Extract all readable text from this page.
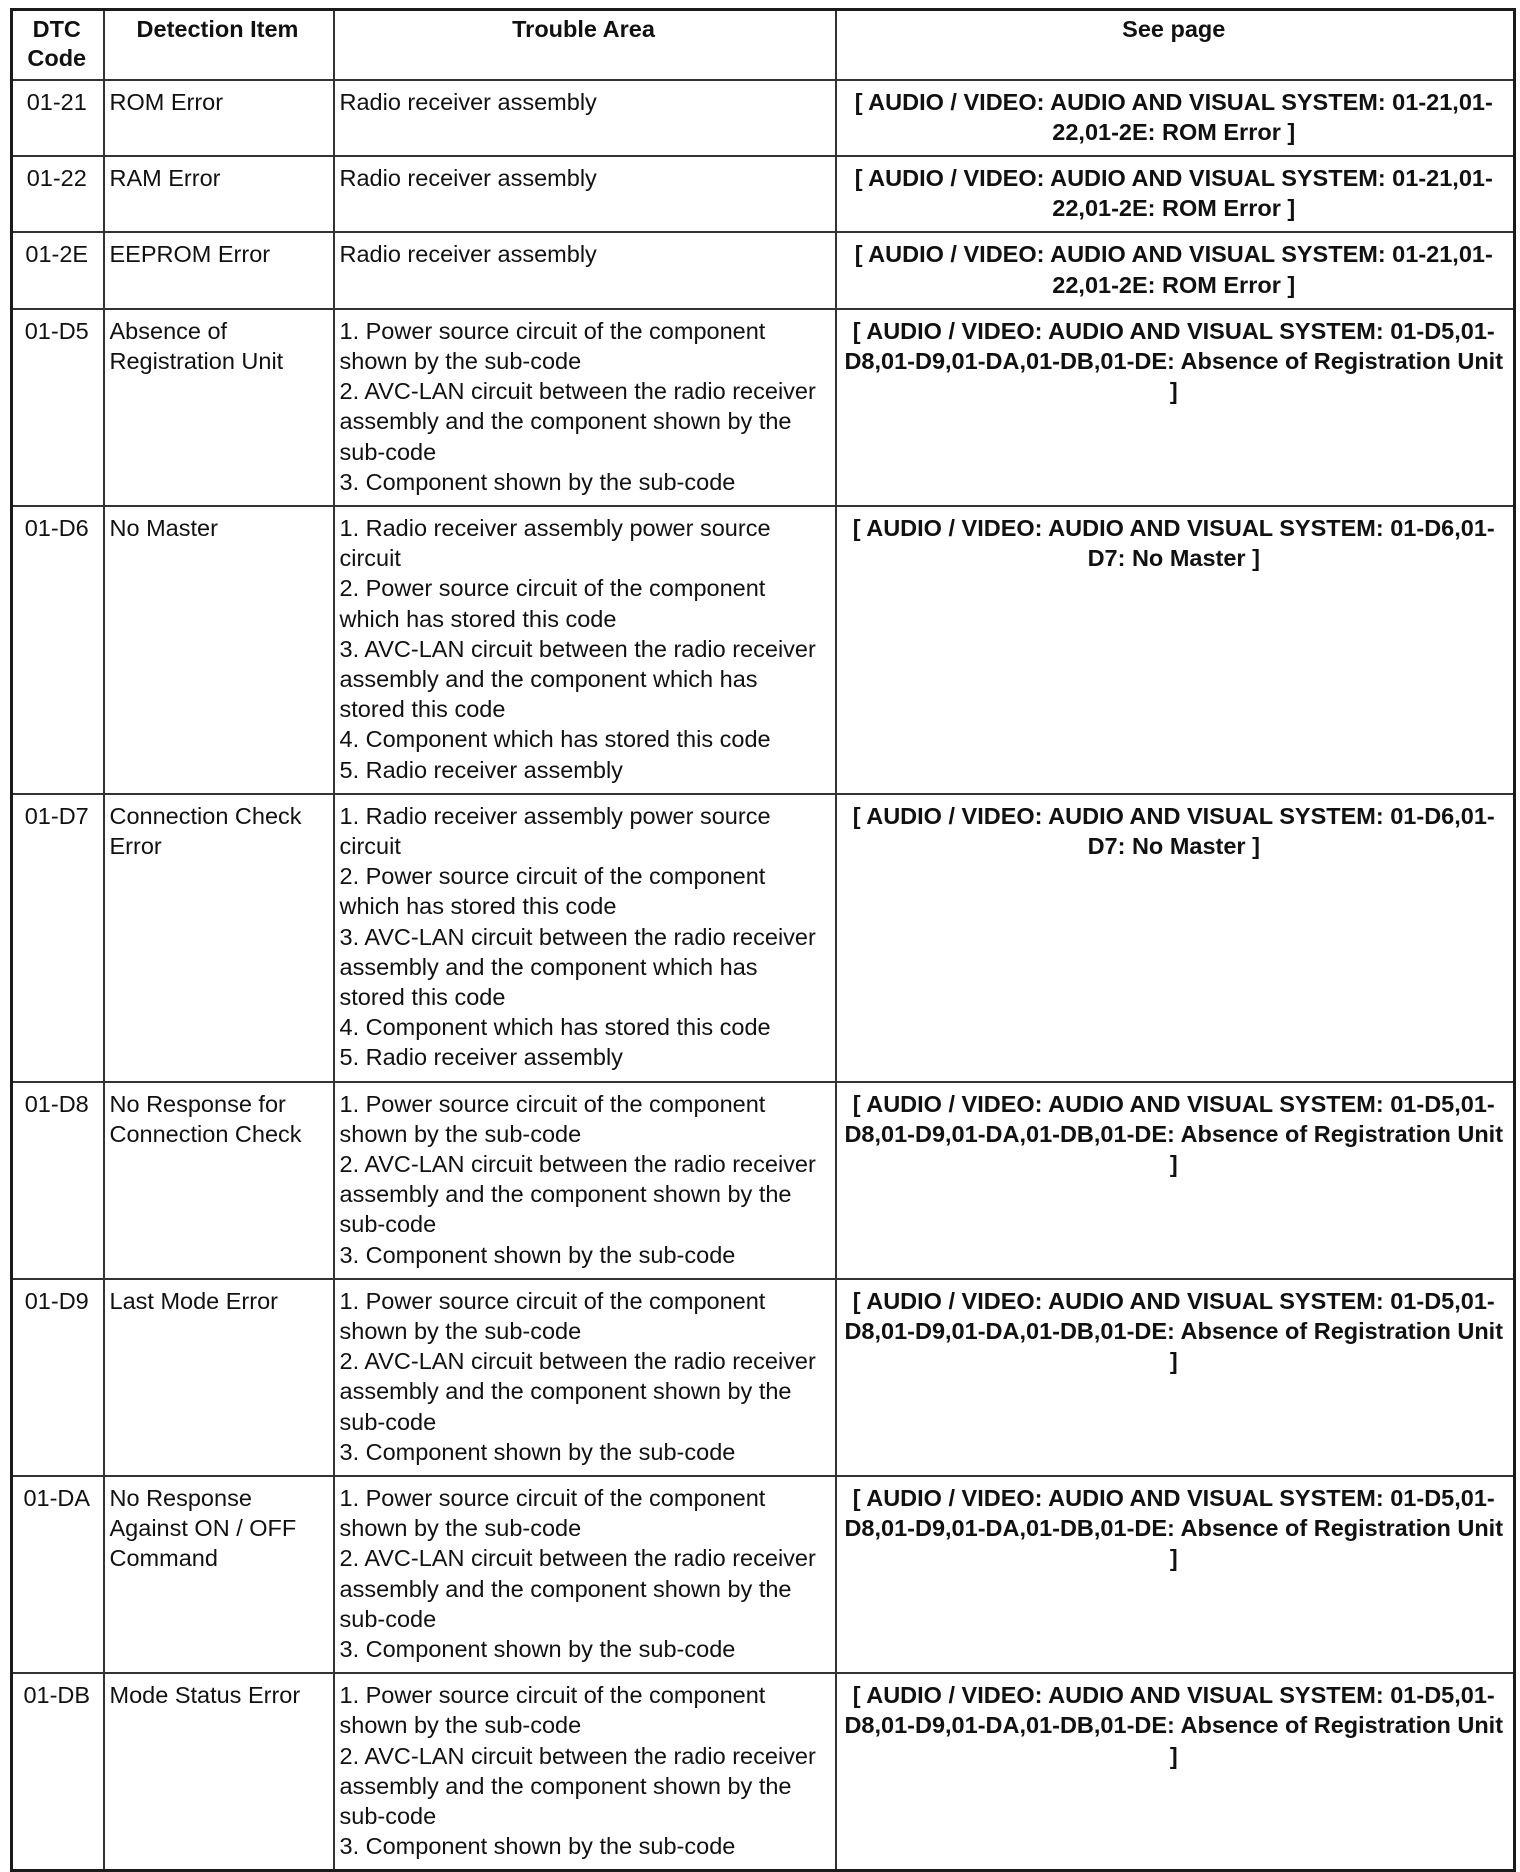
DTC Code	Detection Item	Trouble Area	See page
01-21	ROM Error	Radio receiver assembly	[ AUDIO / VIDEO: AUDIO AND VISUAL SYSTEM: 01-21,01-22,01-2E: ROM Error ]
01-22	RAM Error	Radio receiver assembly	[ AUDIO / VIDEO: AUDIO AND VISUAL SYSTEM: 01-21,01-22,01-2E: ROM Error ]
01-2E	EEPROM Error	Radio receiver assembly	[ AUDIO / VIDEO: AUDIO AND VISUAL SYSTEM: 01-21,01-22,01-2E: ROM Error ]
01-D5	Absence of Registration Unit	1. Power source circuit of the component shown by the sub-code
2. AVC-LAN circuit between the radio receiver assembly and the component shown by the sub-code
3. Component shown by the sub-code	[ AUDIO / VIDEO: AUDIO AND VISUAL SYSTEM: 01-D5,01-D8,01-D9,01-DA,01-DB,01-DE: Absence of Registration Unit ]
01-D6	No Master	1. Radio receiver assembly power source circuit
2. Power source circuit of the component which has stored this code
3. AVC-LAN circuit between the radio receiver assembly and the component which has stored this code
4. Component which has stored this code
5. Radio receiver assembly	[ AUDIO / VIDEO: AUDIO AND VISUAL SYSTEM: 01-D6,01-D7: No Master ]
01-D7	Connection Check Error	1. Radio receiver assembly power source circuit
2. Power source circuit of the component which has stored this code
3. AVC-LAN circuit between the radio receiver assembly and the component which has stored this code
4. Component which has stored this code
5. Radio receiver assembly	[ AUDIO / VIDEO: AUDIO AND VISUAL SYSTEM: 01-D6,01-D7: No Master ]
01-D8	No Response for Connection Check	1. Power source circuit of the component shown by the sub-code
2. AVC-LAN circuit between the radio receiver assembly and the component shown by the sub-code
3. Component shown by the sub-code	[ AUDIO / VIDEO: AUDIO AND VISUAL SYSTEM: 01-D5,01-D8,01-D9,01-DA,01-DB,01-DE: Absence of Registration Unit ]
01-D9	Last Mode Error	1. Power source circuit of the component shown by the sub-code
2. AVC-LAN circuit between the radio receiver assembly and the component shown by the sub-code
3. Component shown by the sub-code	[ AUDIO / VIDEO: AUDIO AND VISUAL SYSTEM: 01-D5,01-D8,01-D9,01-DA,01-DB,01-DE: Absence of Registration Unit ]
01-DA	No Response Against ON / OFF Command	1. Power source circuit of the component shown by the sub-code
2. AVC-LAN circuit between the radio receiver assembly and the component shown by the sub-code
3. Component shown by the sub-code	[ AUDIO / VIDEO: AUDIO AND VISUAL SYSTEM: 01-D5,01-D8,01-D9,01-DA,01-DB,01-DE: Absence of Registration Unit ]
01-DB	Mode Status Error	1. Power source circuit of the component shown by the sub-code
2. AVC-LAN circuit between the radio receiver assembly and the component shown by the sub-code
3. Component shown by the sub-code	[ AUDIO / VIDEO: AUDIO AND VISUAL SYSTEM: 01-D5,01-D8,01-D9,01-DA,01-DB,01-DE: Absence of Registration Unit ]
